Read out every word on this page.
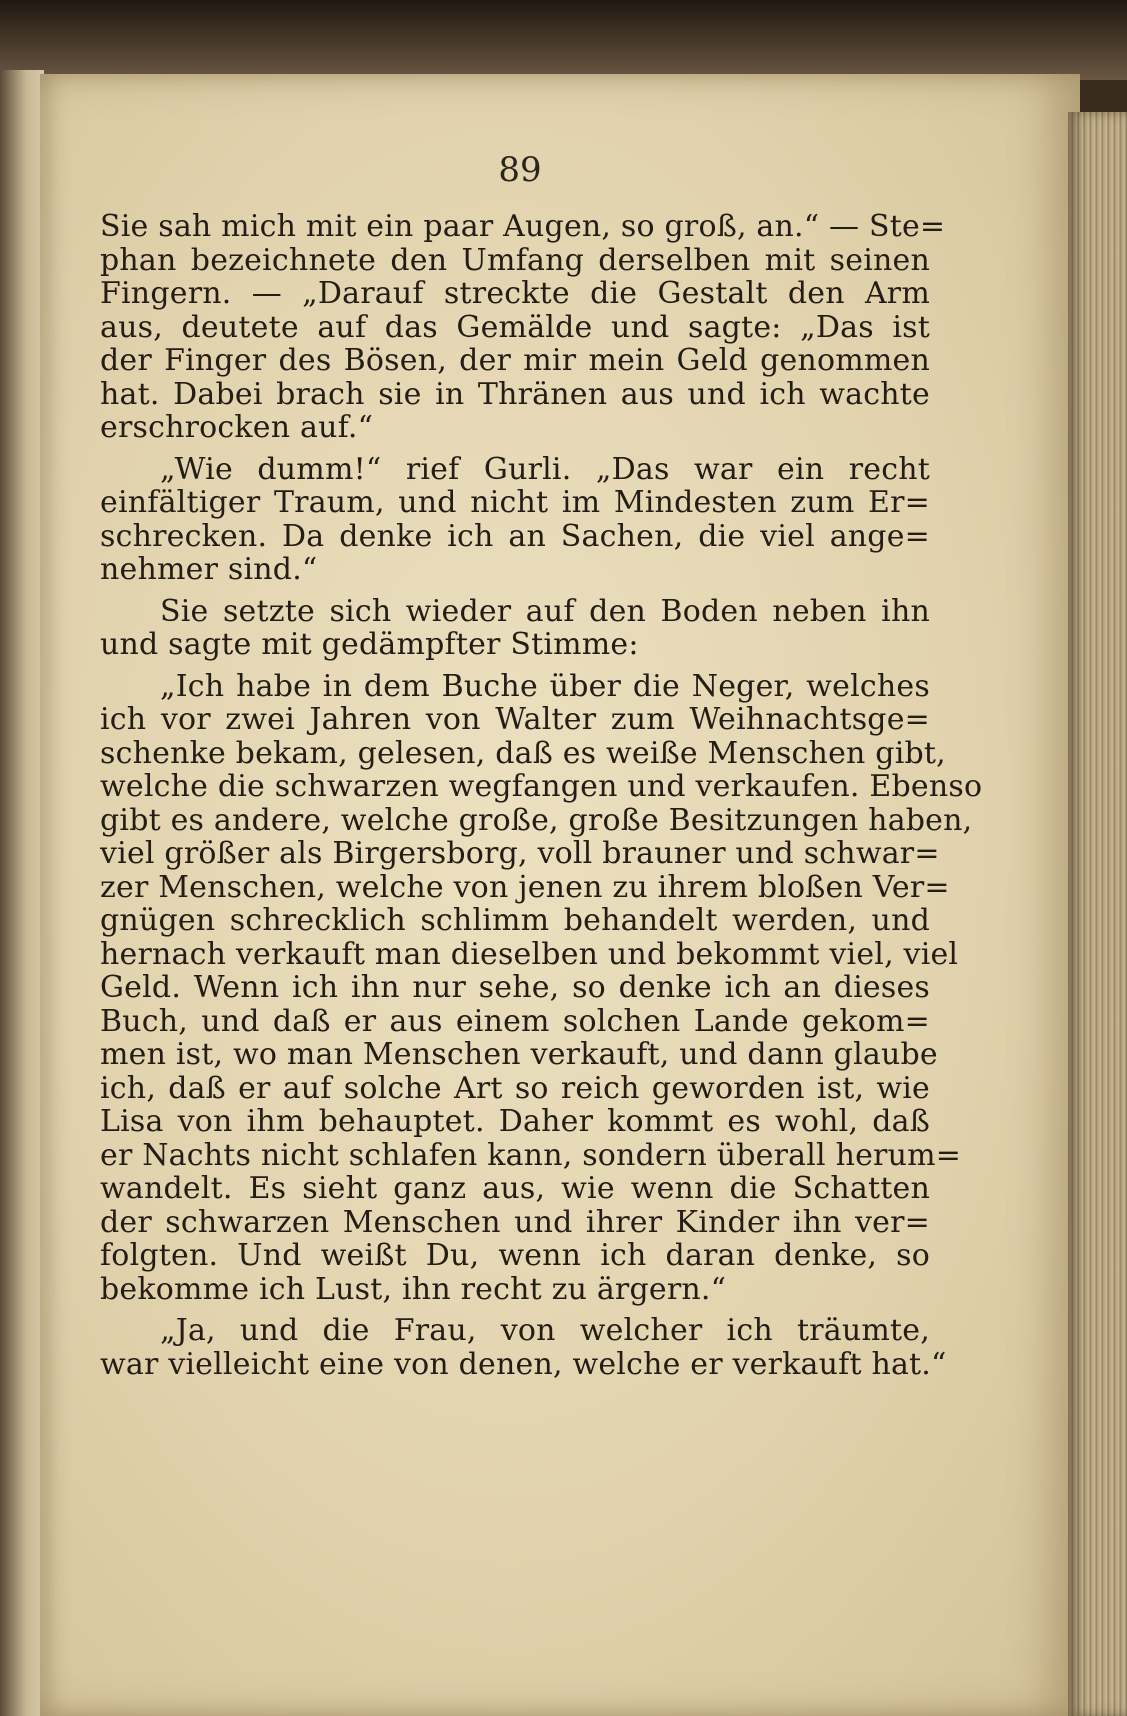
89

Sie sah mich mit ein paar Augen, so groß, an.“ — Ste=
phan bezeichnete den Umfang derselben mit seinen
Fingern. — „Darauf streckte die Gestalt den Arm
aus, deutete auf das Gemälde und sagte: „Das ist
der Finger des Bösen, der mir mein Geld genommen
hat. Dabei brach sie in Thränen aus und ich wachte
erschrocken auf.“

„Wie dumm!“ rief Gurli. „Das war ein recht
einfältiger Traum, und nicht im Mindesten zum Er=
schrecken. Da denke ich an Sachen, die viel ange=
nehmer sind.“

Sie setzte sich wieder auf den Boden neben ihn
und sagte mit gedämpfter Stimme:

„Ich habe in dem Buche über die Neger, welches
ich vor zwei Jahren von Walter zum Weihnachtsge=
schenke bekam, gelesen, daß es weiße Menschen gibt,
welche die schwarzen wegfangen und verkaufen. Ebenso
gibt es andere, welche große, große Besitzungen haben,
viel größer als Birgersborg, voll brauner und schwar=
zer Menschen, welche von jenen zu ihrem bloßen Ver=
gnügen schrecklich schlimm behandelt werden, und
hernach verkauft man dieselben und bekommt viel, viel
Geld. Wenn ich ihn nur sehe, so denke ich an dieses
Buch, und daß er aus einem solchen Lande gekom=
men ist, wo man Menschen verkauft, und dann glaube
ich, daß er auf solche Art so reich geworden ist, wie
Lisa von ihm behauptet. Daher kommt es wohl, daß
er Nachts nicht schlafen kann, sondern überall herum=
wandelt. Es sieht ganz aus, wie wenn die Schatten
der schwarzen Menschen und ihrer Kinder ihn ver=
folgten. Und weißt Du, wenn ich daran denke, so
bekomme ich Lust, ihn recht zu ärgern.“

„Ja, und die Frau, von welcher ich träumte,
war vielleicht eine von denen, welche er verkauft hat.“
